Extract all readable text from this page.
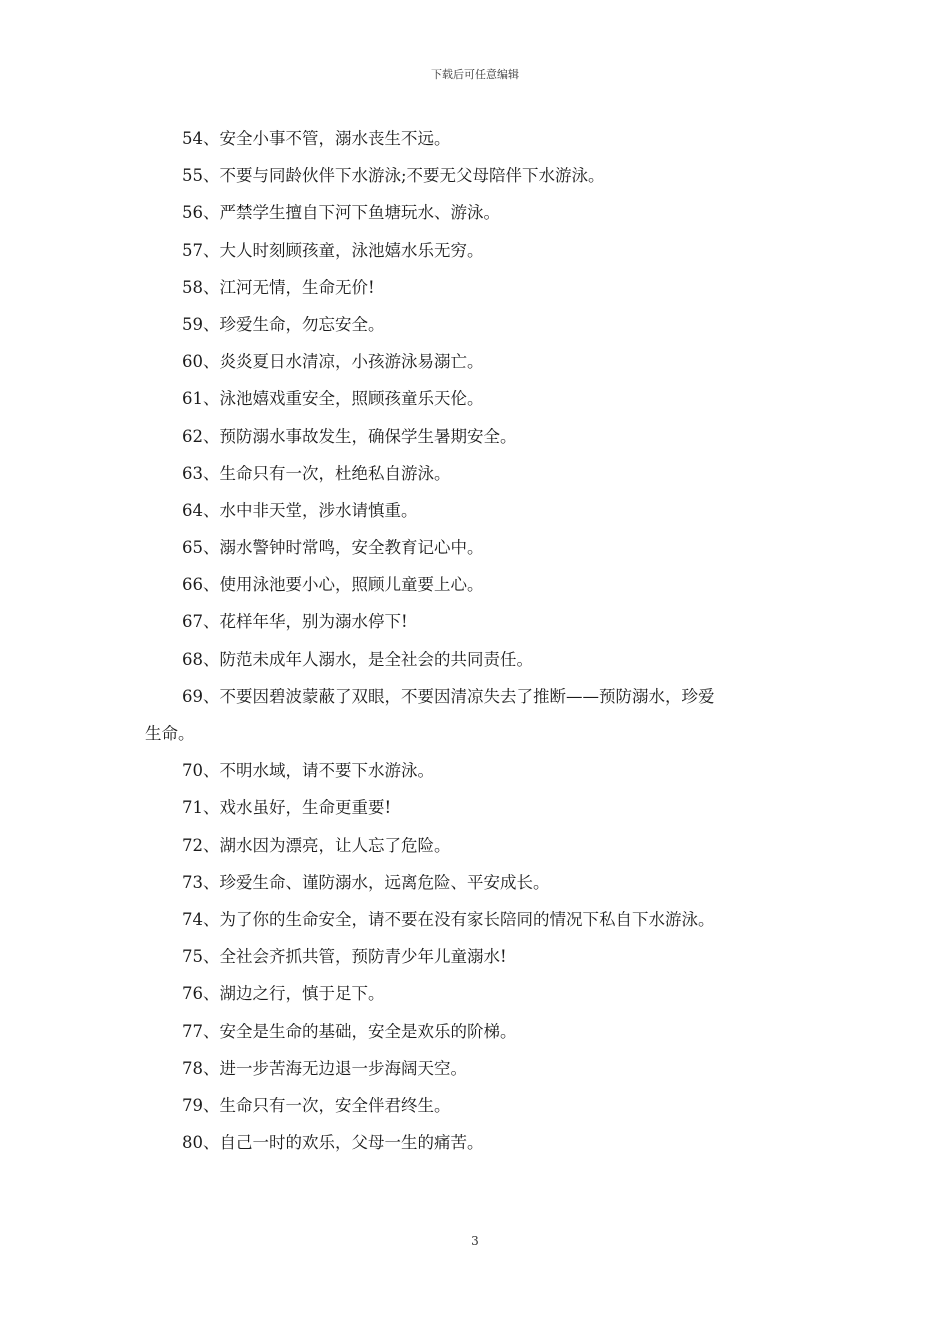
下载后可任意编辑
54、安全小事不管，溺水丧生不远。
55、不要与同龄伙伴下水游泳;不要无父母陪伴下水游泳。
56、严禁学生擅自下河下鱼塘玩水、游泳。
57、大人时刻顾孩童，泳池嬉水乐无穷。
58、江河无情，生命无价!
59、珍爱生命，勿忘安全。
60、炎炎夏日水清凉，小孩游泳易溺亡。
61、泳池嬉戏重安全，照顾孩童乐天伦。
62、预防溺水事故发生，确保学生暑期安全。
63、生命只有一次，杜绝私自游泳。
64、水中非天堂，涉水请慎重。
65、溺水警钟时常鸣，安全教育记心中。
66、使用泳池要小心，照顾儿童要上心。
67、花样年华，别为溺水停下!
68、防范未成年人溺水，是全社会的共同责任。
69、不要因碧波蒙蔽了双眼，不要因清凉失去了推断——预防溺水，珍爱
生命。
70、不明水域，请不要下水游泳。
71、戏水虽好，生命更重要!
72、湖水因为漂亮，让人忘了危险。
73、珍爱生命、谨防溺水，远离危险、平安成长。
74、为了你的生命安全，请不要在没有家长陪同的情况下私自下水游泳。
75、全社会齐抓共管，预防青少年儿童溺水!
76、湖边之行，慎于足下。
77、安全是生命的基础，安全是欢乐的阶梯。
78、进一步苦海无边退一步海阔天空。
79、生命只有一次，安全伴君终生。
80、自己一时的欢乐，父母一生的痛苦。
3
